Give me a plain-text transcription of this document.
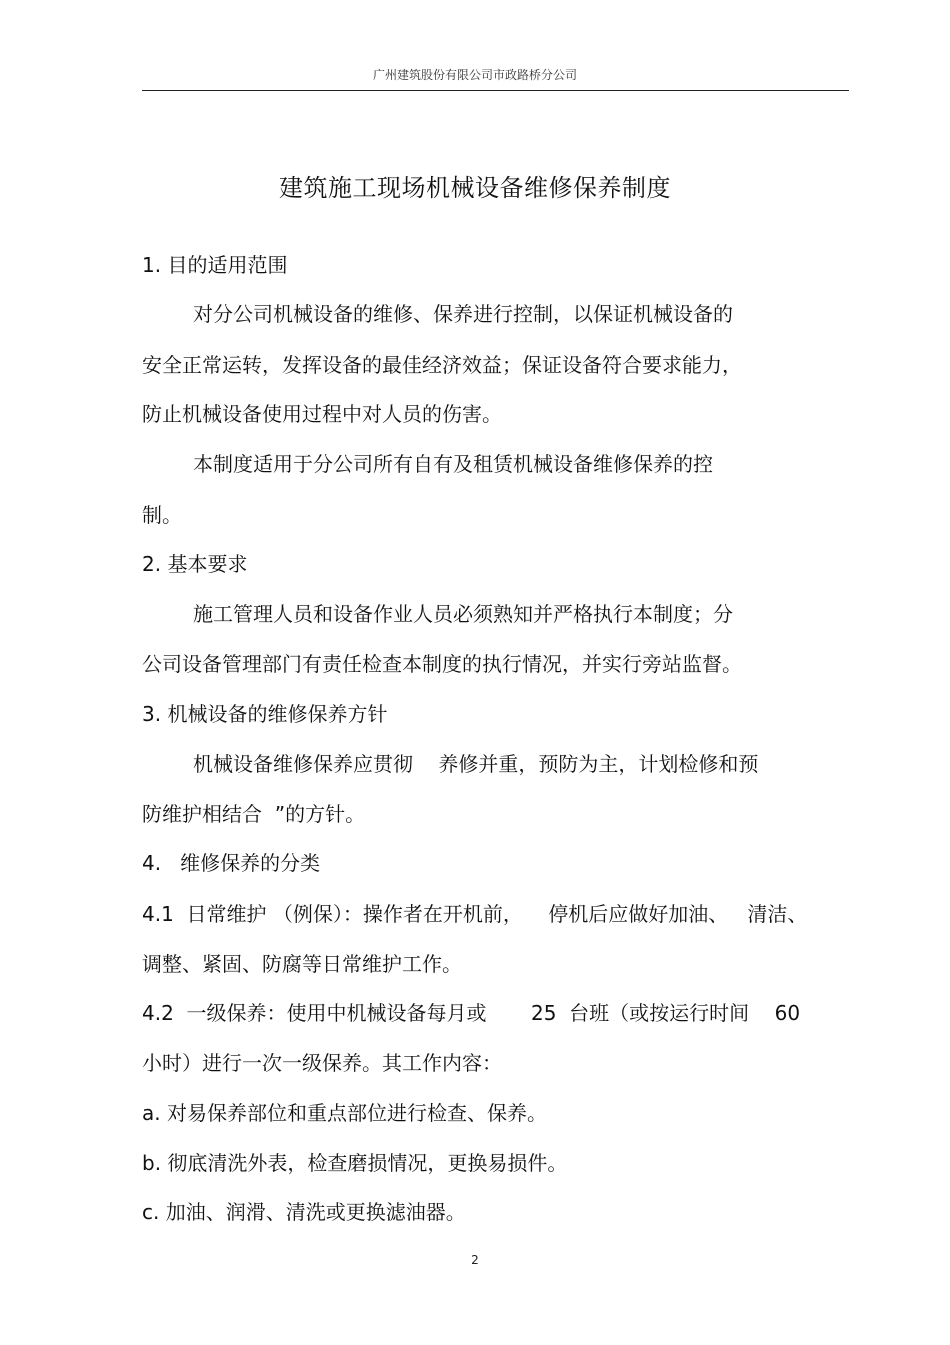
广州建筑股份有限公司市政路桥分公司
建筑施工现场机械设备维修保养制度
1. 目的适用范围
对分公司机械设备的维修、保养进行控制，以保证机械设备的
安全正常运转，发挥设备的最佳经济效益；保证设备符合要求能力，
防止机械设备使用过程中对人员的伤害。
本制度适用于分公司所有自有及租赁机械设备维修保养的控
制。
2. 基本要求
施工管理人员和设备作业人员必须熟知并严格执行本制度；分
公司设备管理部门有责任检查本制度的执行情况，并实行旁站监督。
3. 机械设备的维修保养方针
机械设备维修保养应贯彻    养修并重，预防为主，计划检修和预
防维护相结合  ”的方针。
4.   维修保养的分类
4.1  日常维护 （例保）：操作者在开机前，    停机后应做好加油、   清洁、
调整、紧固、防腐等日常维护工作。
4.2  一级保养：使用中机械设备每月或       25  台班（或按运行时间    60
小时）进行一次一级保养。其工作内容：
a. 对易保养部位和重点部位进行检查、保养。
b. 彻底清洗外表，检查磨损情况，更换易损件。
c. 加油、润滑、清洗或更换滤油器。
2
